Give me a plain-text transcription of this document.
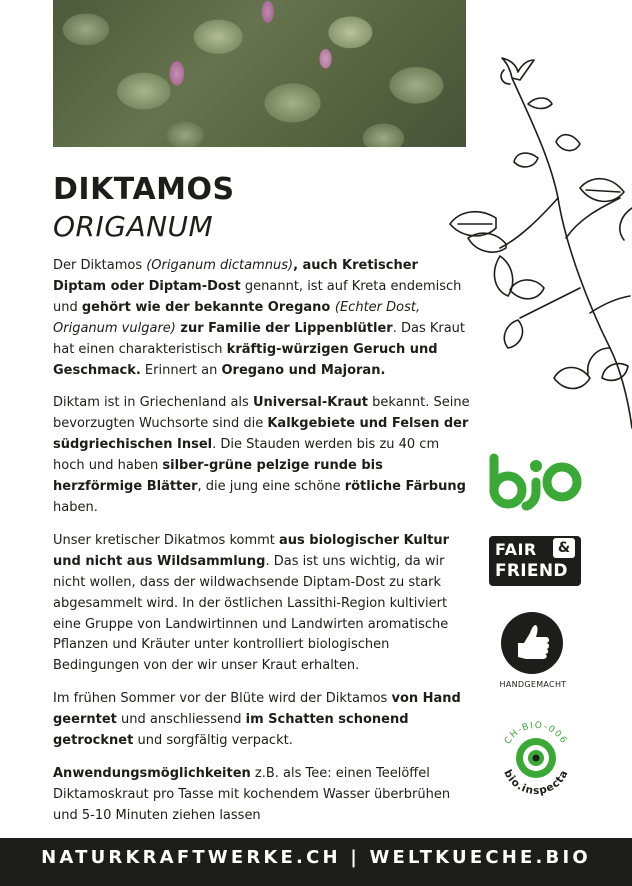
DIKTAMOS
ORIGANUM

Der Diktamos (Origanum dictamnus), auch Kretischer Diptam oder Diptam-Dost genannt, ist auf Kreta endemisch und gehört wie der bekannte Oregano (Echter Dost, Origanum vulgare) zur Familie der Lippenblütler. Das Kraut hat einen charakteristisch kräftig-würzigen Geruch und Geschmack. Erinnert an Oregano und Majoran.

Diktam ist in Griechenland als Universal-Kraut bekannt. Seine bevorzugten Wuchsorte sind die Kalkgebiete und Felsen der südgriechischen Insel. Die Stauden werden bis zu 40 cm hoch und haben silber-grüne pelzige runde bis herzförmige Blätter, die jung eine schöne rötliche Färbung haben.

Unser kretischer Dikatmos kommt aus biologischer Kultur und nicht aus Wildsammlung. Das ist uns wichtig, da wir nicht wollen, dass der wildwachsende Diptam-Dost zu stark abgesammelt wird. In der östlichen Lassithi-Region kultiviert eine Gruppe von Landwirtinnen und Landwirten aromatische Pflanzen und Kräuter unter kontrolliert biologischen Bedingungen von der wir unser Kraut erhalten.

Im frühen Sommer vor der Blüte wird der Diktamos von Hand geerntet und anschliessend im Schatten schonend getrocknet und sorgfältig verpackt.

Anwendungsmöglichkeiten z.B. als Tee: einen Teelöffel Diktamoskraut pro Tasse mit kochendem Wasser überbrühen und 5-10 Minuten ziehen lassen

FAIR	&
FRIEND
HANDGEMACHT
CH-BIO-006
bio.inspecta
NATURKRAFTWERKE.CH | WELTKUECHE.BIO
